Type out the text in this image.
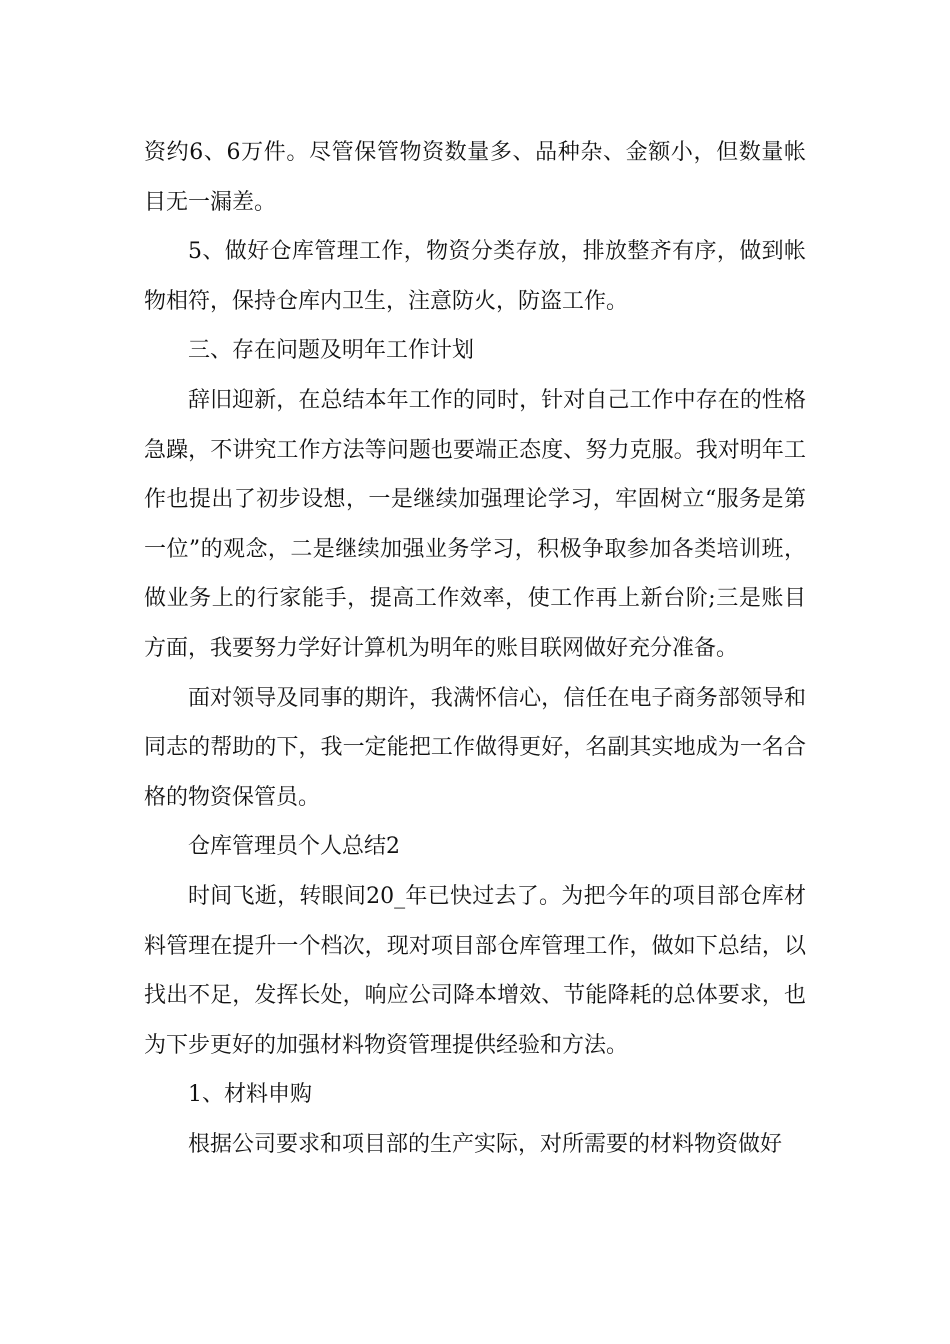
资约6、6万件。尽管保管物资数量多、品种杂、金额小，但数量帐目无一漏差。

5、做好仓库管理工作，物资分类存放，排放整齐有序，做到帐物相符，保持仓库内卫生，注意防火，防盗工作。

三、存在问题及明年工作计划

辞旧迎新，在总结本年工作的同时，针对自己工作中存在的性格急躁，不讲究工作方法等问题也要端正态度、努力克服。我对明年工作也提出了初步设想，一是继续加强理论学习，牢固树立“服务是第一位”的观念，二是继续加强业务学习，积极争取参加各类培训班，做业务上的行家能手，提高工作效率，使工作再上新台阶;三是账目方面，我要努力学好计算机为明年的账目联网做好充分准备。

面对领导及同事的期许，我满怀信心，信任在电子商务部领导和同志的帮助的下，我一定能把工作做得更好，名副其实地成为一名合格的物资保管员。

仓库管理员个人总结2

时间飞逝，转眼间20_年已快过去了。为把今年的项目部仓库材料管理在提升一个档次，现对项目部仓库管理工作，做如下总结，以找出不足，发挥长处，响应公司降本增效、节能降耗的总体要求，也为下步更好的加强材料物资管理提供经验和方法。

1、材料申购

根据公司要求和项目部的生产实际，对所需要的材料物资做好
